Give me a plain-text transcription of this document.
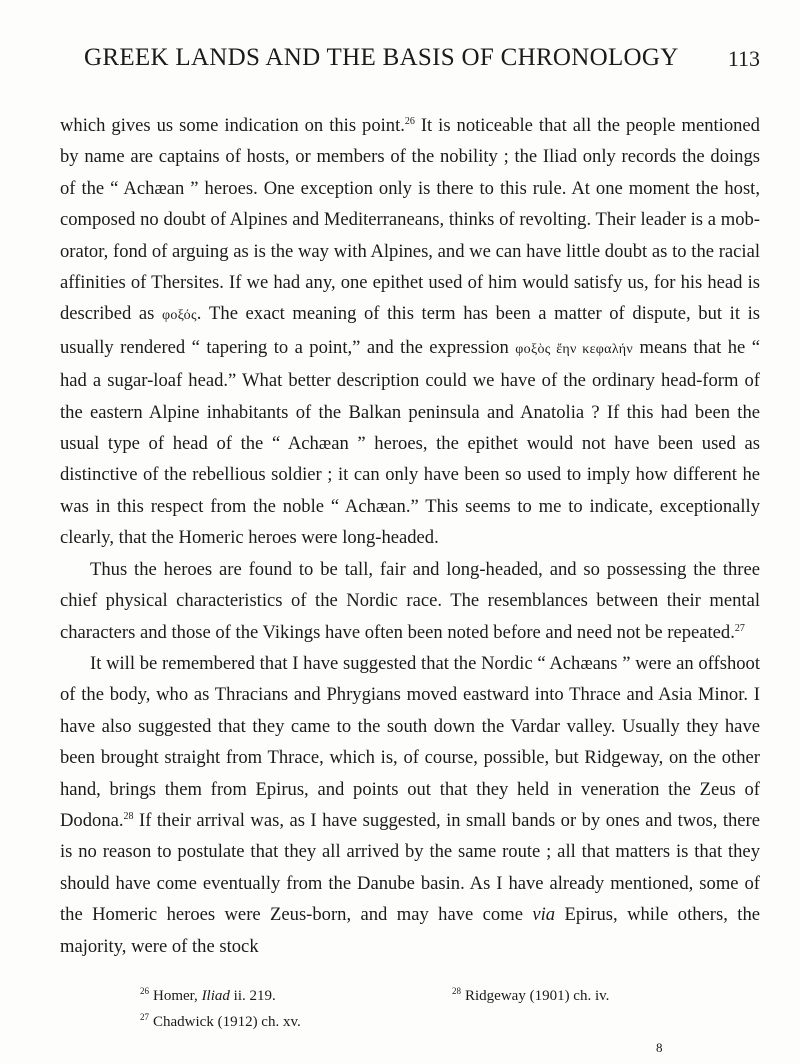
GREEK LANDS AND THE BASIS OF CHRONOLOGY 113

which gives us some indication on this point.$^{26}$ It is noticeable that all the people mentioned by name are captains of hosts, or members of the nobility ; the Iliad only records the doings of the “ Achæan ” heroes. One exception only is there to this rule. At one moment the host, composed no doubt of Alpines and Mediterraneans, thinks of revolting. Their leader is a mob-orator, fond of arguing as is the way with Alpines, and we can have little doubt as to the racial affinities of Thersites. If we had any, one epithet used of him would satisfy us, for his head is described as φοξός. The exact meaning of this term has been a matter of dispute, but it is usually rendered “ tapering to a point,” and the expression φοξὸς ἔην κεφαλήν means that he “ had a sugar-loaf head.” What better description could we have of the ordinary head-form of the eastern Alpine inhabitants of the Balkan peninsula and Anatolia ? If this had been the usual type of head of the “ Achæan ” heroes, the epithet would not have been used as distinctive of the rebellious soldier ; it can only have been so used to imply how different he was in this respect from the noble “ Achæan.” This seems to me to indicate, exceptionally clearly, that the Homeric heroes were long-headed.

Thus the heroes are found to be tall, fair and long-headed, and so possessing the three chief physical characteristics of the Nordic race. The resemblances between their mental characters and those of the Vikings have often been noted before and need not be repeated.$^{27}$

It will be remembered that I have suggested that the Nordic “ Achæans ” were an offshoot of the body, who as Thracians and Phrygians moved eastward into Thrace and Asia Minor. I have also suggested that they came to the south down the Vardar valley. Usually they have been brought straight from Thrace, which is, of course, possible, but Ridgeway, on the other hand, brings them from Epirus, and points out that they held in veneration the Zeus of Dodona.$^{28}$ If their arrival was, as I have suggested, in small bands or by ones and twos, there is no reason to postulate that they all arrived by the same route ; all that matters is that they should have come eventually from the Danube basin. As I have already mentioned, some of the Homeric heroes were Zeus-born, and may have come via Epirus, while others, the majority, were of the stock

$^{26}$ Homer, Iliad ii. 219.	$^{28}$ Ridgeway (1901) ch. iv.
$^{27}$ Chadwick (1912) ch. xv.
8
